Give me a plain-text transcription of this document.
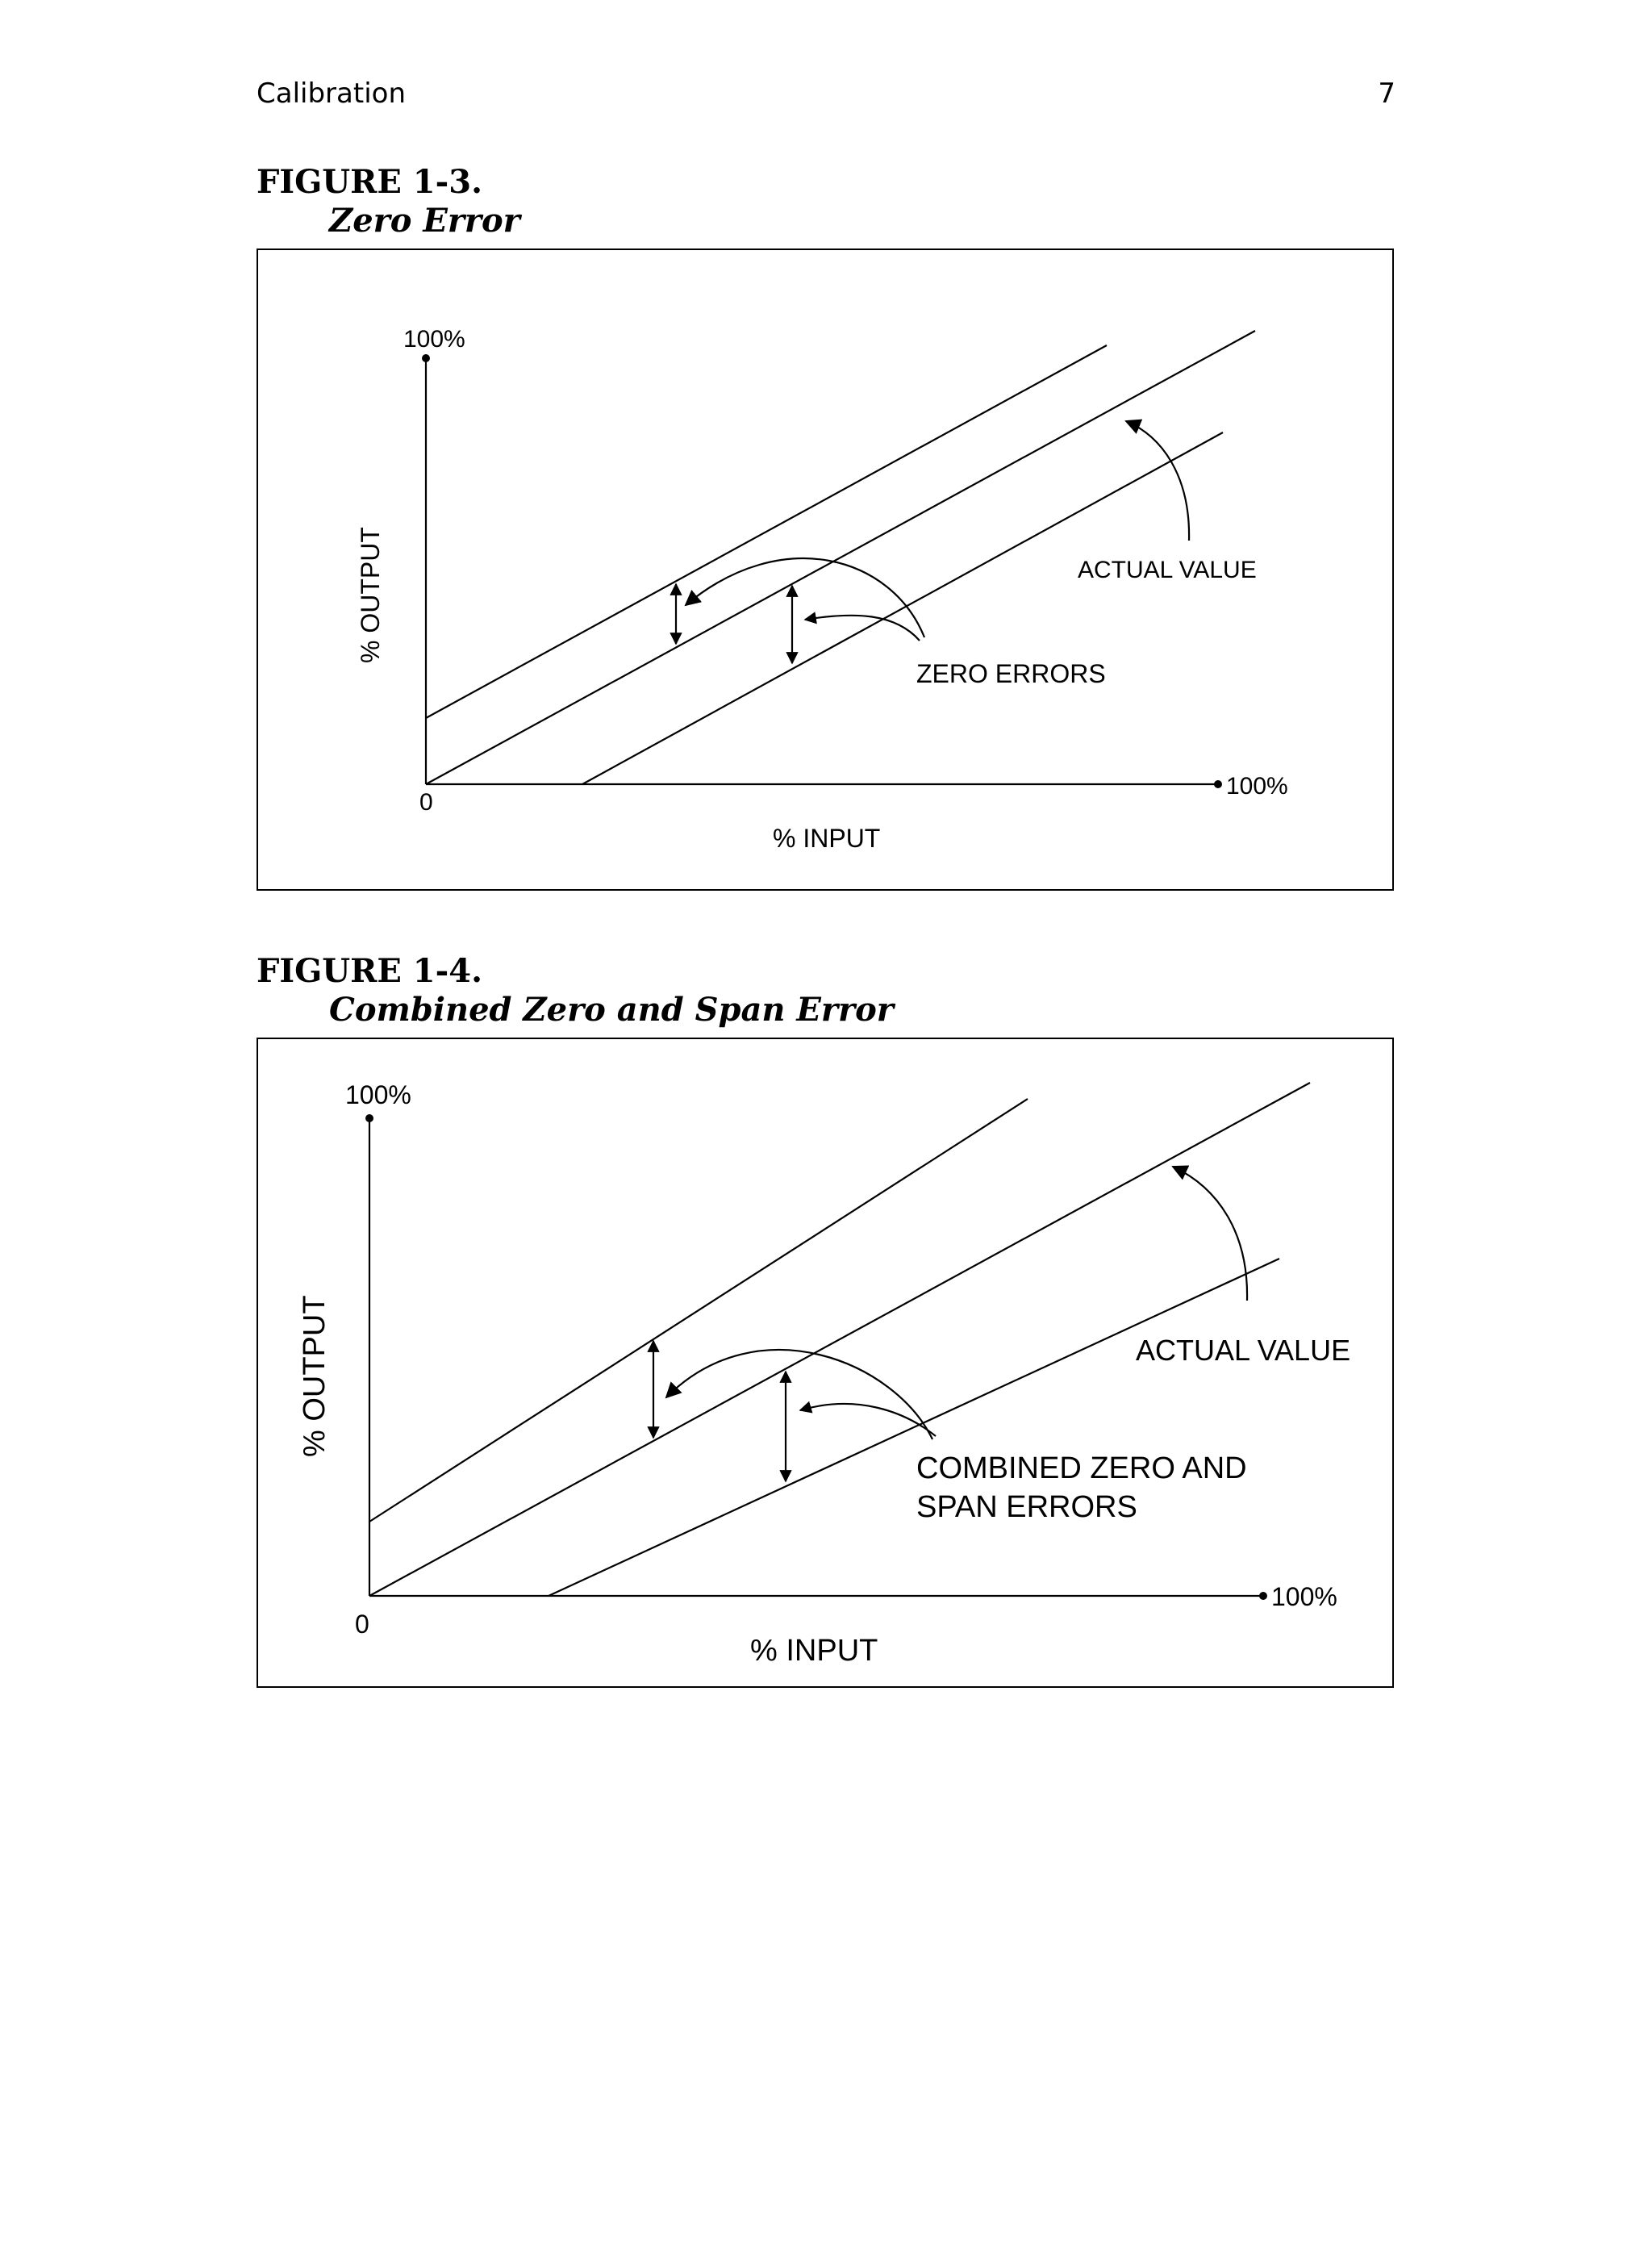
Calibration	7
FIGURE 1-3.
Zero Error
100%
100%
0
% INPUT
% OUTPUT	ACTUAL VALUE
ZERO ERRORS
FIGURE 1-4.
Combined Zero and Span Error
100%
100%
0
% INPUT
% OUTPUT	ACTUAL VALUE
COMBINED ZERO AND
SPAN ERRORS
